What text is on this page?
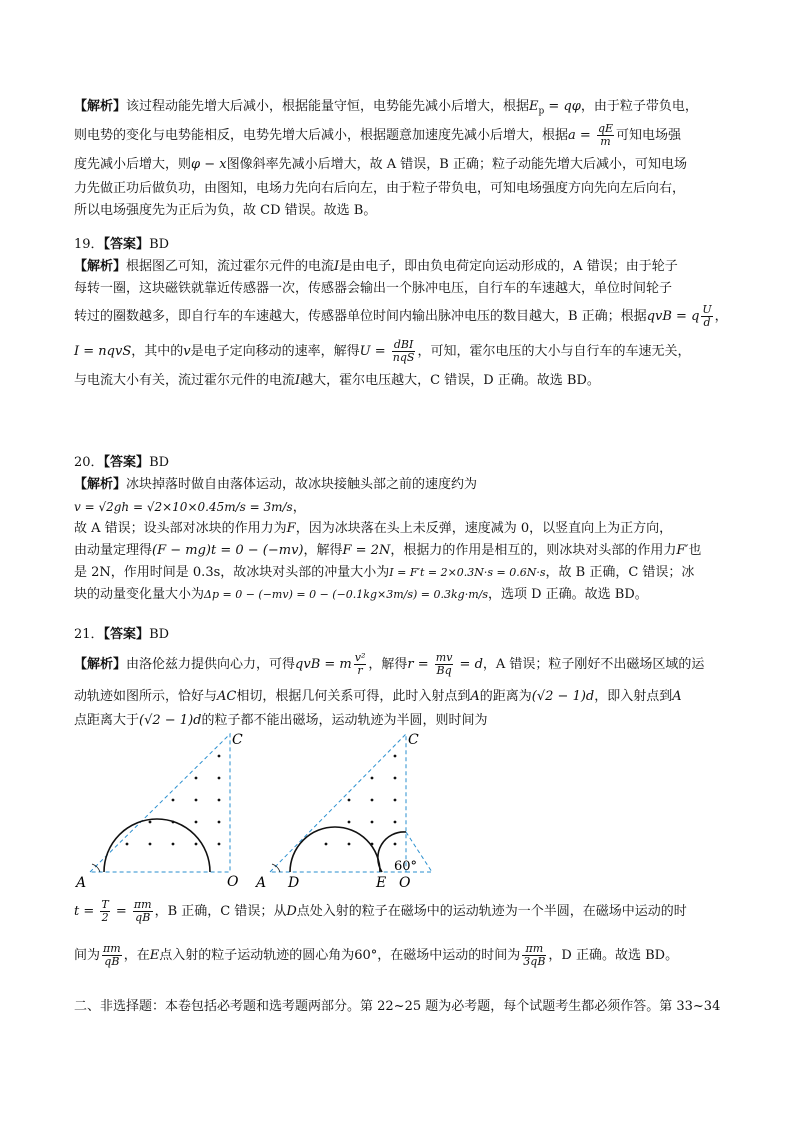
【解析】该过程动能先增大后减小，根据能量守恒，电势能先减小后增大，根据$E_p = q\varphi$，由于粒子带负电，
则电势的变化与电势能相反，电势先增大后减小，根据题意加速度先减小后增大，根据$a = \frac{qE}{m}$ 可知电场强
度先减小后增大，则φ − x图像斜率先减小后增大，故 A 错误，B 正确；粒子动能先增大后减小，可知电场
力先做正功后做负功，由图知，电场力先向右后向左，由于粒子带负电，可知电场强度方向先向左后向右，
所以电场强度先为正后为负，故 CD 错误。故选 B。
19．【答案】BD
【解析】根据图乙可知，流过霍尔元件的电流I是由电子，即由负电荷定向运动形成的，A 错误；由于轮子
每转一圈，这块磁铁就靠近传感器一次，传感器会输出一个脉冲电压，自行车的车速越大，单位时间轮子
转过的圈数越多，即自行车的车速越大，传感器单位时间内输出脉冲电压的数目越大，B 正确；根据qvB = q $\frac{U}{d}$ ，
I = nqvS，其中的v是电子定向移动的速率，解得$U = \frac{\text{dBI}}{\text{nqS}}$ ，可知，霍尔电压的大小与自行车的车速无关，
与电流大小有关，流过霍尔元件的电流I越大，霍尔电压越大，C 错误，D 正确。故选 BD。
20．【答案】BD
【解析】冰块掉落时做自由落体运动，故冰块接触头部之前的速度约为
v = √2gh = √2×10×0.45m/s = 3m/s，
故 A 错误；设头部对冰块的作用力为F，因为冰块落在头上未反弹，速度减为 0，以竖直向上为正方向，
由动量定理得(F − mg)t = 0 − (−mv)，解得F = 2N，根据力的作用是相互的，则冰块对头部的作用力F′也
是 2N，作用时间是 0.3s，故冰块对头部的冲量大小为I = F′t = 2×0.3N·s = 0.6N·s，故 B 正确，C 错误；冰
块的动量变化量大小为Δp = 0 − (−mv) = 0 − (−0.1kg×3m/s) = 0.3kg·m/s，选项 D 正确。故选 BD。
21．【答案】BD
【解析】由洛伦兹力提供向心力，可得qvB = m $\frac{\text{v²}}{r}$ ，解得$r = \frac{mv}{Bq} = d$，A 错误；粒子刚好不出磁场区域的运
动轨迹如图所示，恰好与AC相切，根据几何关系可得，此时入射点到A的距离为(√2 − 1)d，即入射点到A
点距离大于(√2 − 1)d的粒子都不能出磁场，运动轨迹为半圆，则时间为
A
C
O A D
C
E O
60°
$t = \frac{T}{2} = \frac{\pi m}{qB}$ ，B 正确，C 错误；从D点处入射的粒子在磁场中的运动轨迹为一个半圆，在磁场中运动的时
间为 $\frac{\pi m}{qB}$ ，在E点入射的粒子运动轨迹的圆心角为60°，在磁场中运动的时间为 $\frac{\pi m}{3qB}$ ，D 正确。故选 BD。
二、非选择题：本卷包括必考题和选考题两部分。第 22~25 题为必考题，每个试题考生都必须作答。第 33~34
